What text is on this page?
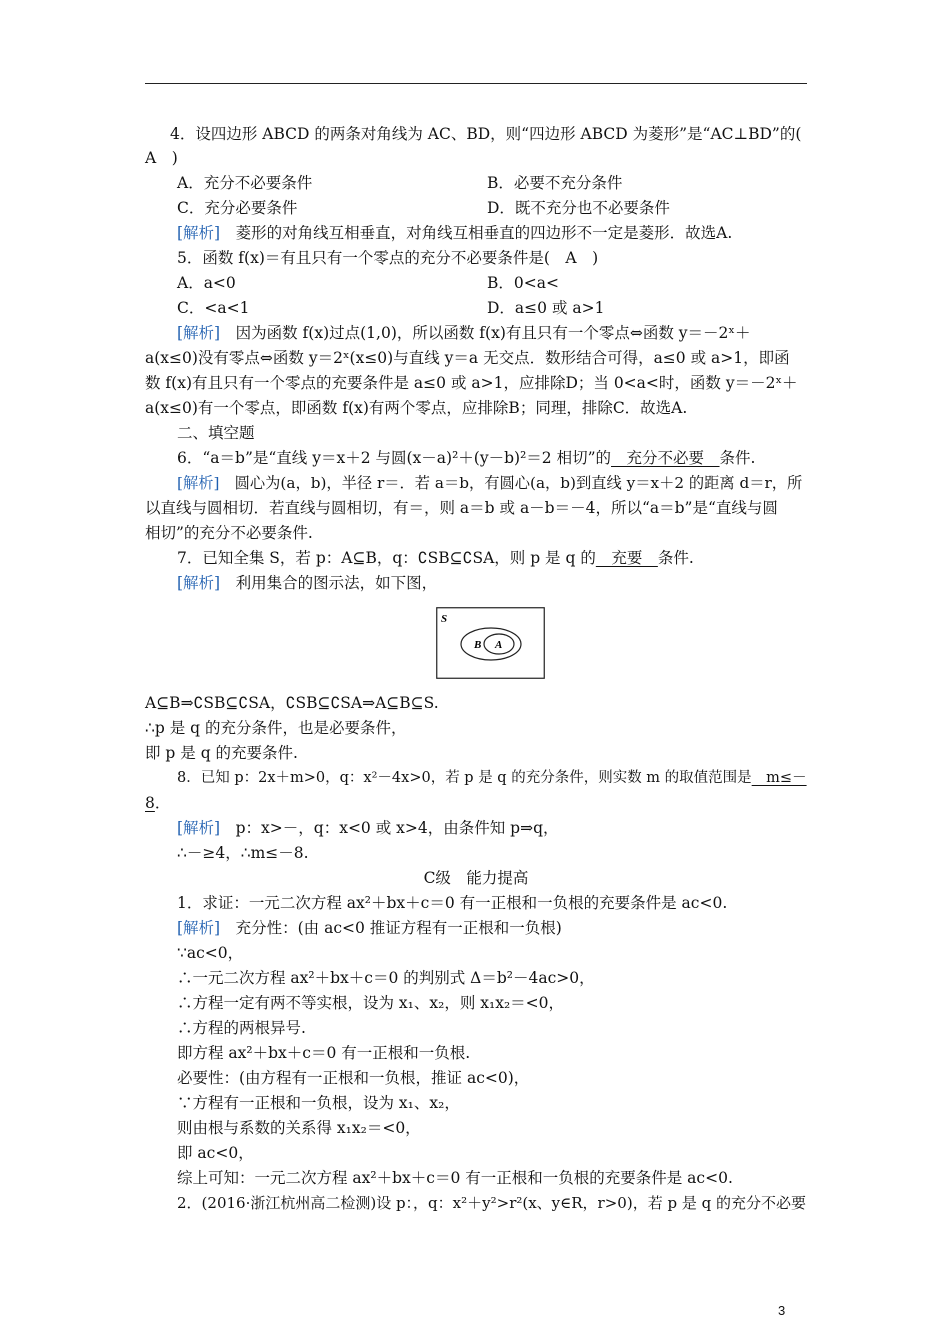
4．设四边形 ABCD 的两条对角线为 AC、BD，则“四边形 ABCD 为菱形”是“AC⊥BD”的(
A　)
A．充分不必要条件	B．必要不充分条件
C．充分必要条件	D．既不充分也不必要条件
[解析]　 菱形的对角线互相垂直，对角线互相垂直的四边形不一定是菱形．故选A.
5．函数 f(x)＝有且只有一个零点的充分不必要条件是(　A　)
A．a<0	B．0<a<
C．<a<1	D．a≤0 或 a>1
[解析]　 因为函数 f(x)过点(1,0)，所以函数 f(x)有且只有一个零点⇔函数 y＝－2ˣ＋
a(x≤0)没有零点⇔函数 y＝2ˣ(x≤0)与直线 y＝a 无交点．数形结合可得，a≤0 或 a>1，即函
数 f(x)有且只有一个零点的充要条件是 a≤0 或 a>1，应排除D；当 0<a<时，函数 y＝－2ˣ＋
a(x≤0)有一个零点，即函数 f(x)有两个零点，应排除B；同理，排除C．故选A.
二、填空题
6．“a＝b”是“直线 y＝x＋2 与圆(x－a)²＋(y－b)²＝2 相切”的　充分不必要　条件.
[解析]　 圆心为(a，b)，半径 r＝．若 a＝b，有圆心(a，b)到直线 y＝x＋2 的距离 d＝r，所
以直线与圆相切．若直线与圆相切，有＝，则 a＝b 或 a－b＝－4，所以“a＝b”是“直线与圆
相切”的充分不必要条件.
7．已知全集 S，若 p：A⊆B，q：∁SB⊆∁SA，则 p 是 q 的　充要　条件.
[解析]　 利用集合的图示法，如下图，
S
B A
A⊆B⇒∁SB⊆∁SA，∁SB⊆∁SA⇒A⊆B⊆S.
∴p 是 q 的充分条件，也是必要条件，
即 p 是 q 的充要条件.
8．已知 p：2x＋m>0，q：x²－4x>0，若 p 是 q 的充分条件，则实数 m 的取值范围是　m≤－
8．
[解析]　 p：x>－，q：x<0 或 x>4，由条件知 p⇒q，
∴－≥4，∴m≤－8.
C级　能力提高
1．求证：一元二次方程 ax²＋bx＋c＝0 有一正根和一负根的充要条件是 ac<0.
[解析]　 充分性：(由 ac<0 推证方程有一正根和一负根)
∵ac<0，
∴一元二次方程 ax²＋bx＋c＝0 的判别式 Δ＝b²－4ac>0，
∴方程一定有两不等实根，设为 x₁、x₂，则 x₁x₂＝<0，
∴方程的两根异号.
即方程 ax²＋bx＋c＝0 有一正根和一负根.
必要性：(由方程有一正根和一负根，推证 ac<0)，
∵方程有一正根和一负根，设为 x₁、x₂，
则由根与系数的关系得 x₁x₂＝<0，
即 ac<0，
综上可知：一元二次方程 ax²＋bx＋c＝0 有一正根和一负根的充要条件是 ac<0.
2．(2016·浙江杭州高二检测)设 p：，q：x²＋y²>r²(x、y∈R，r>0)，若 p 是 q 的充分不必要
3
